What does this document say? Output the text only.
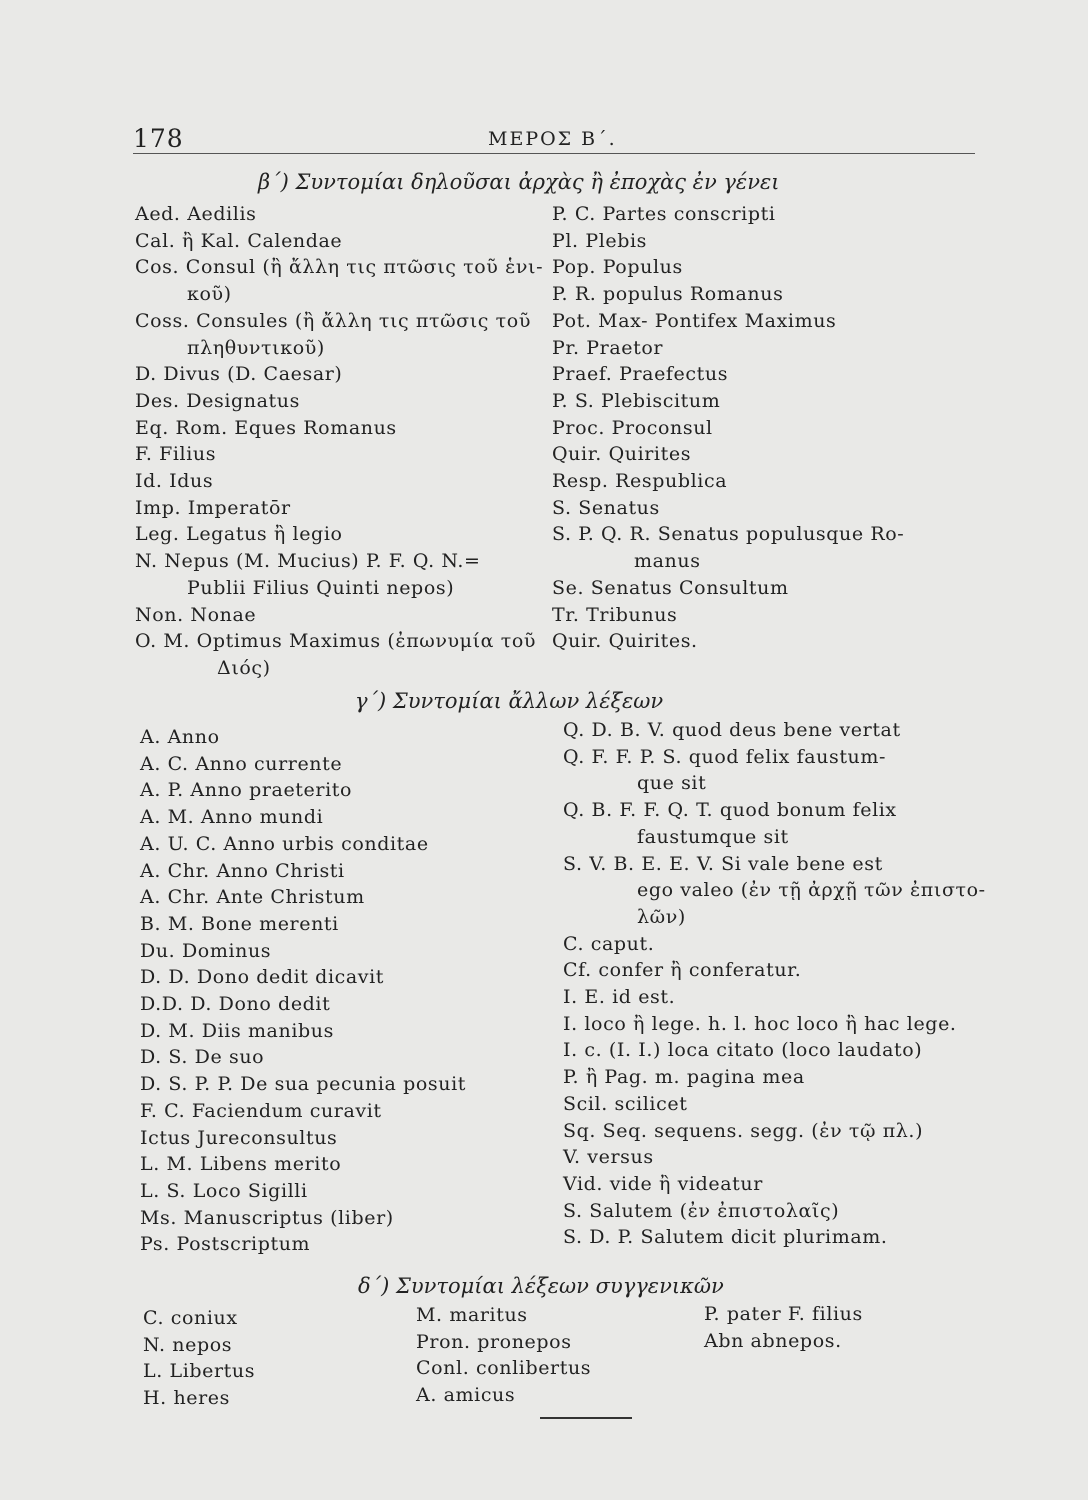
178	ΜΕΡΟΣ Β΄.
β΄) Συντομίαι δηλοῦσαι ἀρχὰς ἢ ἐποχὰς ἐν γένει
Aed. Aedilis
Cal. ἢ Kal. Calendae
Cos. Consul (ἢ ἄλλη τις πτῶσις τοῦ ἑνι-
κοῦ)
Coss. Consules (ἢ ἄλλη τις πτῶσις τοῦ
πληθυντικοῦ)
D. Divus (D. Caesar)
Des. Designatus
Eq. Rom. Eques Romanus
F. Filius
Id. Idus
Imp. Imperatōr
Leg. Legatus ἢ legio
N. Nepus (M. Mucius) P. F. Q. N.=
Publii Filius Quinti nepos)
Non. Nonae
O. M. Optimus Maximus (ἐπωνυμία τοῦ
Διός)
P. C. Partes conscripti
Pl. Plebis
Pop. Populus
P. R. populus Romanus
Pot. Max- Pontifex Maximus
Pr. Praetor
Praef. Praefectus
P. S. Plebiscitum
Proc. Proconsul
Quir. Quirites
Resp. Respublica
S. Senatus
S. P. Q. R. Senatus populusque Ro-
manus
Se. Senatus Consultum
Tr. Tribunus
Quir. Quirites.
γ΄) Συντομίαι ἄλλων λέξεων
A. Anno
A. C. Anno currente
A. P. Anno praeterito
A. M. Anno mundi
A. U. C. Anno urbis conditae
A. Chr. Anno Christi
A. Chr. Ante Christum
B. M. Bone merenti
Du. Dominus
D. D. Dono dedit dicavit
D.D. D. Dono dedit
D. M. Diis manibus
D. S. De suo
D. S. P. P. De sua pecunia posuit
F. C. Faciendum curavit
Ictus Jureconsultus
L. M. Libens merito
L. S. Loco Sigilli
Ms. Manuscriptus (liber)
Ps. Postscriptum
Q. D. B. V. quod deus bene vertat
Q. F. F. P. S. quod felix faustum-
que sit
Q. B. F. F. Q. T. quod bonum felix
faustumque sit
S. V. B. E. E. V. Si vale bene est
ego valeo (ἐν τῇ ἀρχῇ τῶν ἐπιστο-
λῶν)
C. caput.
Cf. confer ἢ conferatur.
I. E. id est.
I. loco ἢ lege. h. l. hoc loco ἢ hac lege.
I. c. (I. I.) loca citato (loco laudato)
P. ἢ Pag. m. pagina mea
Scil. scilicet
Sq. Seq. sequens. segg. (ἐν τῷ πλ.)
V. versus
Vid. vide ἢ videatur
S. Salutem (ἐν ἐπιστολαῖς)
S. D. P. Salutem dicit plurimam.
δ΄) Συντομίαι λέξεων συγγενικῶν
C. coniux
N. nepos
L. Libertus
H. heres
M. maritus
Pron. pronepos
Conl. conlibertus
A. amicus
P. pater F. filius
Abn abnepos.
